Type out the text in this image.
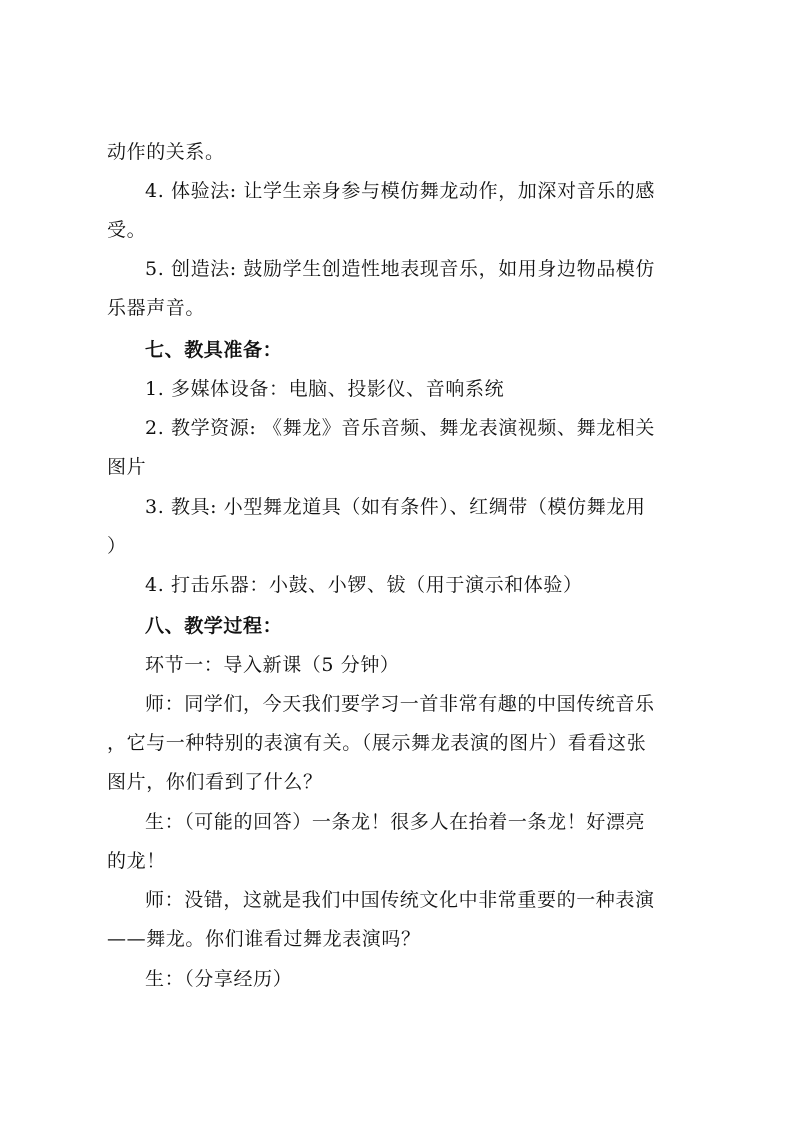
动作的关系。
4. 体验法: 让学生亲身参与模仿舞龙动作，加深对音乐的感
受。
5. 创造法: 鼓励学生创造性地表现音乐，如用身边物品模仿
乐器声音。
七、教具准备：
1. 多媒体设备：电脑、投影仪、音响系统
2. 教学资源: 《舞龙》音乐音频、舞龙表演视频、舞龙相关
图片
3. 教具: 小型舞龙道具（如有条件）、红绸带（模仿舞龙用
）
4. 打击乐器：小鼓、小锣、钹（用于演示和体验）
八、教学过程：
环节一：导入新课（5 分钟）
师：同学们，今天我们要学习一首非常有趣的中国传统音乐
，它与一种特别的表演有关。（展示舞龙表演的图片）看看这张
图片，你们看到了什么？
生：（可能的回答）一条龙！很多人在抬着一条龙！好漂亮
的龙！
师：没错，这就是我们中国传统文化中非常重要的一种表演
——舞龙。你们谁看过舞龙表演吗？
生：（分享经历）
